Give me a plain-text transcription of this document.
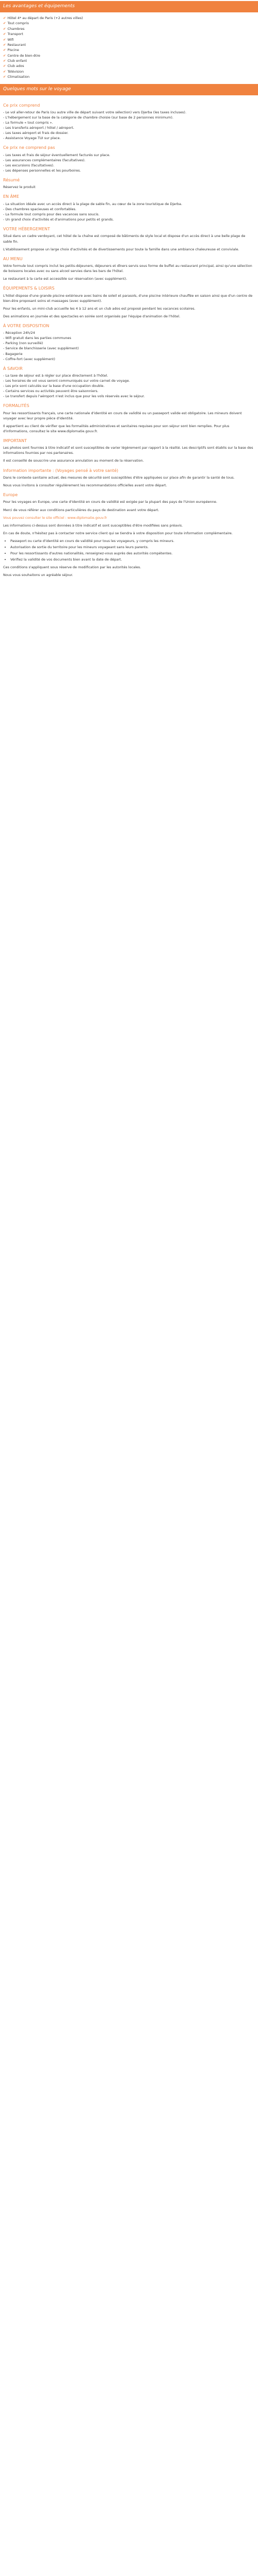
Les avantages et équipements
✔ Hôtel 4* au départ de Paris (+2 autres villes)
✔ Tout compris
✔ Chambres
✔ Transport
✔ Wifi
✔ Restaurant
✔ Piscine
✔ Centre de bien-être
✔ Club enfant
✔ Club ados
✔ Télévision
✔ Climatisation
Quelques mots sur le voyage
Ce prix comprend

- Le vol aller-retour de Paris (ou autre ville de départ suivant votre sélection) vers Djerba (les taxes incluses).
- L'hébergement sur la base de la catégorie de chambre choisie (sur base de 2 personnes minimum).
- La formule « tout compris ».
- Les transferts aéroport / hôtel / aéroport.
- Les taxes aéroport et frais de dossier.
- Assistance Voyage TUI sur place.

Ce prix ne comprend pas

- Les taxes et frais de séjour éventuellement facturés sur place.
- Les assurances complémentaires (facultatives).
- Les excursions (facultatives).
- Les dépenses personnelles et les pourboires.

Résumé

Réservez le produit

EN ÂME

- La situation idéale avec un accès direct à la plage de sable fin, au cœur de la zone touristique de Djerba.
- Des chambres spacieuses et confortables.
- La formule tout compris pour des vacances sans soucis.
- Un grand choix d'activités et d'animations pour petits et grands.

VOTRE HÉBERGEMENT

Situé dans un cadre verdoyant, cet hôtel de la chaîne est composé de bâtiments de style local et dispose d'un accès direct à une belle plage de sable fin.

L'établissement propose un large choix d'activités et de divertissements pour toute la famille dans une ambiance chaleureuse et conviviale.

AU MENU

Votre formule tout compris inclut les petits-déjeuners, déjeuners et dîners servis sous forme de buffet au restaurant principal, ainsi qu'une sélection de boissons locales avec ou sans alcool servies dans les bars de l'hôtel.

Le restaurant à la carte est accessible sur réservation (avec supplément).

ÉQUIPEMENTS & LOISIRS

L'hôtel dispose d'une grande piscine extérieure avec bains de soleil et parasols, d'une piscine intérieure chauffée en saison ainsi que d'un centre de bien-être proposant soins et massages (avec supplément).

Pour les enfants, un mini-club accueille les 4 à 12 ans et un club ados est proposé pendant les vacances scolaires.

Des animations en journée et des spectacles en soirée sont organisés par l'équipe d'animation de l'hôtel.

À VOTRE DISPOSITION

- Réception 24h/24
- Wifi gratuit dans les parties communes
- Parking (non surveillé)
- Service de blanchisserie (avec supplément)
- Bagagerie
- Coffre-fort (avec supplément)

À SAVOIR

- La taxe de séjour est à régler sur place directement à l'hôtel.
- Les horaires de vol vous seront communiqués sur votre carnet de voyage.
- Les prix sont calculés sur la base d'une occupation double.
- Certains services ou activités peuvent être saisonniers.
- Le transfert depuis l'aéroport n'est inclus que pour les vols réservés avec le séjour.

FORMALITÉS

Pour les ressortissants français, une carte nationale d'identité en cours de validité ou un passeport valide est obligatoire. Les mineurs doivent voyager avec leur propre pièce d'identité.

Il appartient au client de vérifier que les formalités administratives et sanitaires requises pour son séjour sont bien remplies. Pour plus d'informations, consultez le site www.diplomatie.gouv.fr.

IMPORTANT

Les photos sont fournies à titre indicatif et sont susceptibles de varier légèrement par rapport à la réalité. Les descriptifs sont établis sur la base des informations fournies par nos partenaires.

Il est conseillé de souscrire une assurance annulation au moment de la réservation.

Information importante : (Voyages pensé à votre santé)

Dans le contexte sanitaire actuel, des mesures de sécurité sont susceptibles d'être appliquées sur place afin de garantir la santé de tous.

Nous vous invitons à consulter régulièrement les recommandations officielles avant votre départ.

Europe

Pour les voyages en Europe, une carte d'identité en cours de validité est exigée par la plupart des pays de l'Union européenne.

Merci de vous référer aux conditions particulières du pays de destination avant votre départ.

Vous pouvez consulter le site officiel : www.diplomatie.gouv.fr

Les informations ci-dessus sont données à titre indicatif et sont susceptibles d'être modifiées sans préavis.

En cas de doute, n'hésitez pas à contacter notre service client qui se tiendra à votre disposition pour toute information complémentaire.

• Passeport ou carte d'identité en cours de validité pour tous les voyageurs, y compris les mineurs.
• Autorisation de sortie du territoire pour les mineurs voyageant sans leurs parents.
• Pour les ressortissants d'autres nationalités, renseignez-vous auprès des autorités compétentes.
• Vérifiez la validité de vos documents bien avant la date de départ.

Ces conditions s'appliquent sous réserve de modification par les autorités locales.

Nous vous souhaitons un agréable séjour.
